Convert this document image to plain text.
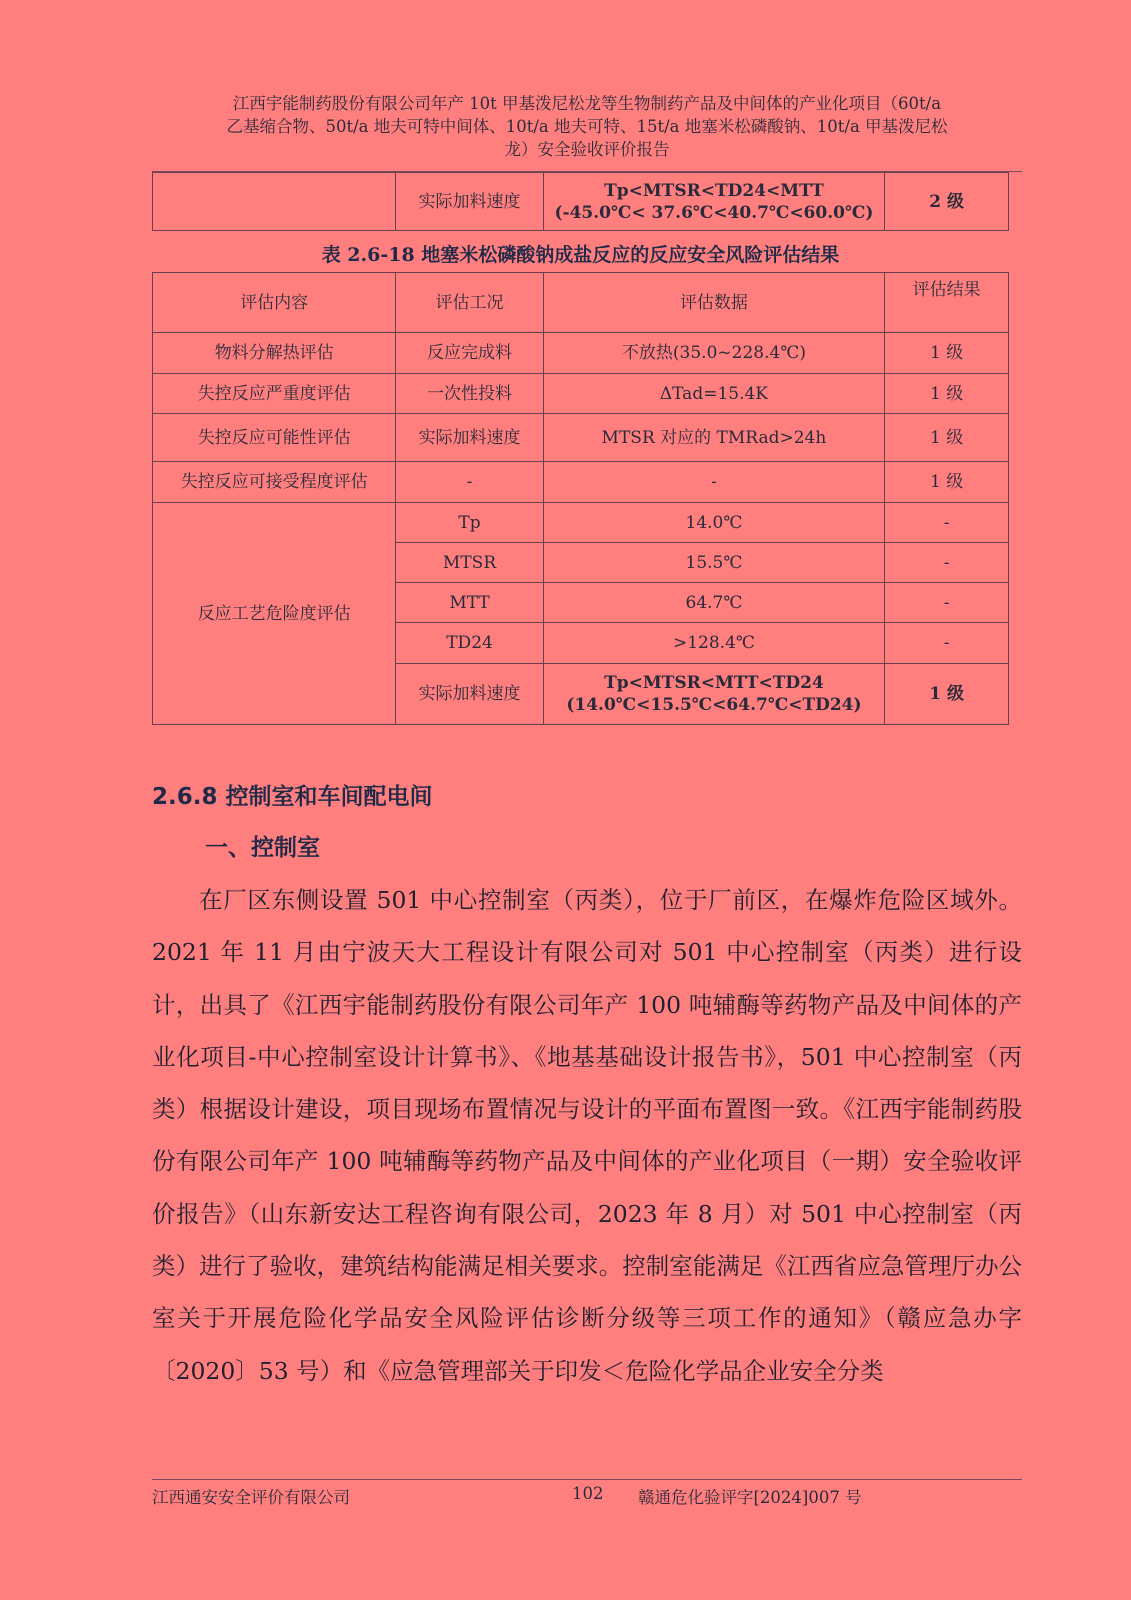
江西宇能制药股份有限公司年产 10t 甲基泼尼松龙等生物制药产品及中间体的产业化项目（60t/a
乙基缩合物、50t/a 地夫可特中间体、10t/a 地夫可特、15t/a 地塞米松磷酸钠、10t/a 甲基泼尼松
龙）安全验收评价报告
	实际加料速度	
Tp<MTSR<TD24<MTT
(-45.0℃< 37.6℃<40.7℃<60.0℃)
	2 级
表 2.6-18 地塞米松磷酸钠成盐反应的反应安全风险评估结果
评估内容	评估工况	评估数据	评估结果
物料分解热评估	反应完成料	不放热(35.0~228.4℃)	1 级
失控反应严重度评估	一次性投料	ΔTad=15.4K	1 级
失控反应可能性评估	实际加料速度	MTSR 对应的 TMRad>24h	1 级
失控反应可接受程度评估	-	-	1 级
反应工艺危险度评估	Tp	14.0℃	-
	MTSR	15.5℃	-
	MTT	64.7℃	-
	TD24	>128.4℃	-
	实际加料速度	Tp<MTSR<MTT<TD24
(14.0℃<15.5℃<64.7℃<TD24)	1 级
2.6.8 控制室和车间配电间
一、控制室

在厂区东侧设置 501 中心控制室（丙类），位于厂前区，在爆炸危险区域外。2021 年 11 月由宁波天大工程设计有限公司对 501 中心控制室（丙类）进行设计，出具了《江西宇能制药股份有限公司年产 100 吨辅酶等药物产品及中间体的产业化项目-中心控制室设计计算书》、《地基基础设计报告书》，501 中心控制室（丙类）根据设计建设，项目现场布置情况与设计的平面布置图一致。《江西宇能制药股份有限公司年产 100 吨辅酶等药物产品及中间体的产业化项目（一期）安全验收评价报告》（山东新安达工程咨询有限公司，2023 年 8 月）对 501 中心控制室（丙类）进行了验收，建筑结构能满足相关要求。控制室能满足《江西省应急管理厅办公室关于开展危险化学品安全风险评估诊断分级等三项工作的通知》（赣应急办字〔2020〕53 号）和《应急管理部关于印发＜危险化学品企业安全分类

江西通安安全评价有限公司	102 赣通危化验评字[2024]007 号
